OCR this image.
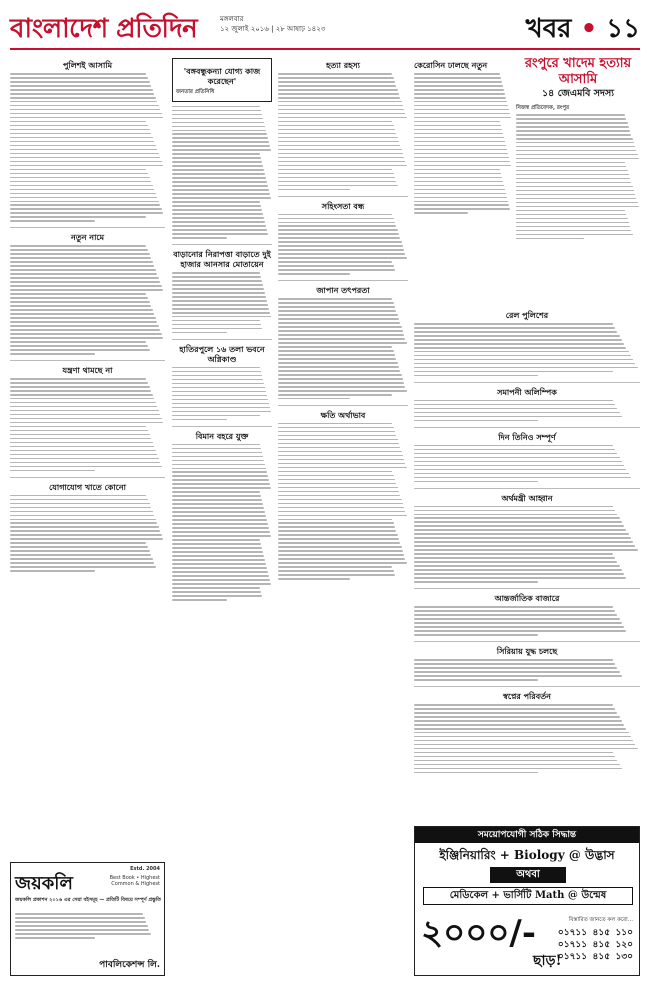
বাংলাদেশ প্রতিদিন	মঙ্গলবার
১২ জুলাই ২০১৬ | ২৮ আষাঢ় ১৪২৩	খবর • ১১
পুলিশই আসামি
নতুন নামে
যন্ত্রণা থামছে না
যোগাযোগ খাতে কোনো
'বঙ্গবন্ধুকন্যা যোগ্য কাজ করেছেন'
জনতার প্রতিনিধি
বাড়ানোর নিরাপত্তা বাড়াতে দুই হাজার আনসার মোতায়েন
হাতিরপুলে ১৬ তলা ভবনে অগ্নিকাণ্ড
বিমান বহরে যুক্ত
হত্যা রহস্য
সহিংসতা বন্ধ
জাপান তৎপরতা
ক্ষতি অর্থাভাব
কেরোসিন ঢালছে নতুন	রংপুরে খাদেম হত্যায় আসামি
১৪ জেএমবি সদস্য
নিজস্ব প্রতিবেদক, রংপুর
রেল পুলিশের
সমাপনী অলিম্পিক
দিন তিনিও সম্পূর্ণ
অর্থমন্ত্রী আহ্বান
আন্তর্জাতিক বাজারে
সিরিয়ায় যুদ্ধ চলছে
স্বপ্নের পরিবর্তন
জয়কলি
Estd. 2004
Best Book • Highest Common & Highest
জয়কলি প্রকাশন ২০১৬ এর সেরা বইসমূহ — প্রতিটি বিষয়ে সম্পূর্ণ প্রস্তুতি
পাবলিকেশন্স লি.
সময়োপযোগী সঠিক সিদ্ধান্ত
ইঞ্জিনিয়ারিং + Biology @ উদ্ভাস
অথবা
মেডিকেল + ভার্সিটি Math @ উন্মেষ
২০০০/-
ছাড়!
বিস্তারিত জানতে কল করো...
০১৭১১ ৪১৫ ১১০
০১৭১১ ৪১৫ ১২০
০১৭১১ ৪১৫ ১৩০
